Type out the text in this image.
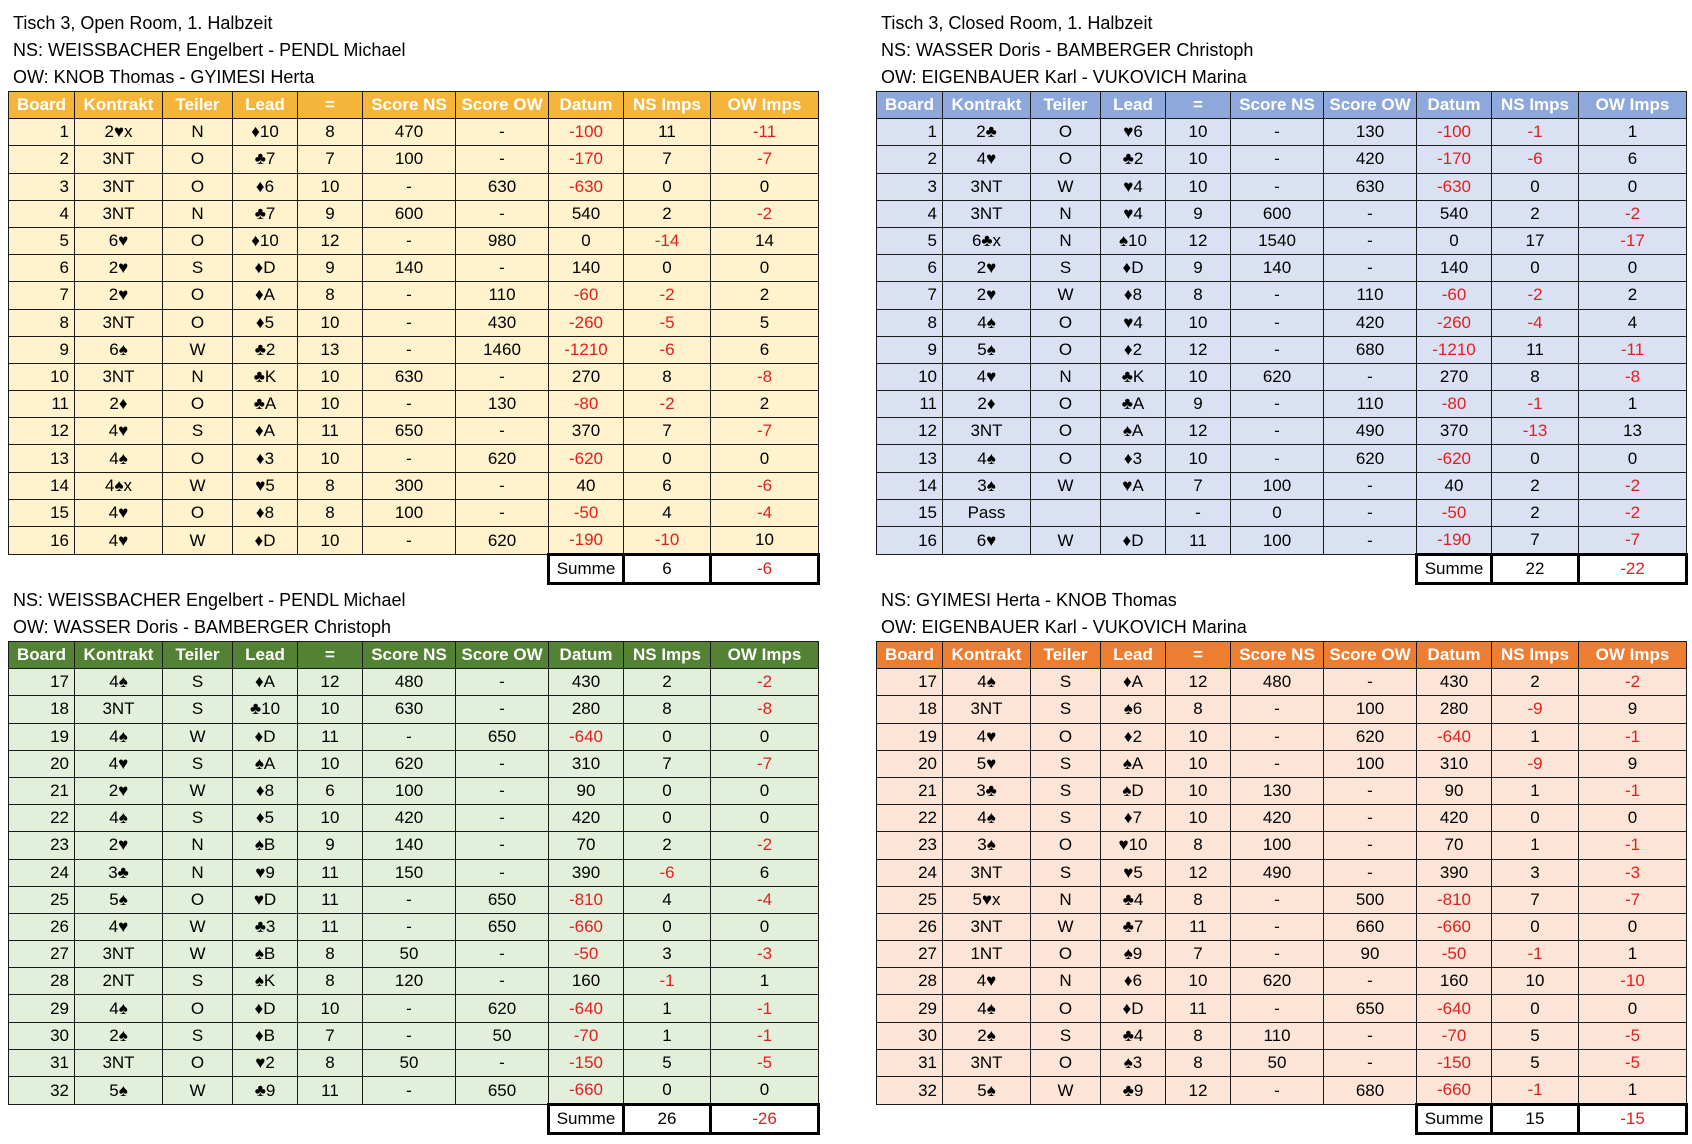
Tisch 3, Open Room, 1. Halbzeit
NS: WEISSBACHER Engelbert - PENDL Michael
OW: KNOB Thomas - GYIMESI Herta
Board	Kontrakt	Teiler	Lead	=	Score NS	Score OW	Datum	NS Imps	OW Imps
1	2♥x	N	♦10	8	470	-	-100	11	-11
2	3NT	O	♣7	7	100	-	-170	7	-7
3	3NT	O	♦6	10	-	630	-630	0	0
4	3NT	N	♣7	9	600	-	540	2	-2
5	6♥	O	♦10	12	-	980	0	-14	14
6	2♥	S	♦D	9	140	-	140	0	0
7	2♥	O	♦A	8	-	110	-60	-2	2
8	3NT	O	♦5	10	-	430	-260	-5	5
9	6♠	W	♣2	13	-	1460	-1210	-6	6
10	3NT	N	♣K	10	630	-	270	8	-8
11	2♦	O	♣A	10	-	130	-80	-2	2
12	4♥	S	♦A	11	650	-	370	7	-7
13	4♠	O	♦3	10	-	620	-620	0	0
14	4♠x	W	♥5	8	300	-	40	6	-6
15	4♥	O	♦8	8	100	-	-50	4	-4
16	4♥	W	♦D	10	-	620	-190	-10	10
							Summe	6	-6
Tisch 3, Closed Room, 1. Halbzeit
NS: WASSER Doris - BAMBERGER Christoph
OW: EIGENBAUER Karl - VUKOVICH Marina
Board	Kontrakt	Teiler	Lead	=	Score NS	Score OW	Datum	NS Imps	OW Imps
1	2♣	O	♥6	10	-	130	-100	-1	1
2	4♥	O	♣2	10	-	420	-170	-6	6
3	3NT	W	♥4	10	-	630	-630	0	0
4	3NT	N	♥4	9	600	-	540	2	-2
5	6♣x	N	♠10	12	1540	-	0	17	-17
6	2♥	S	♦D	9	140	-	140	0	0
7	2♥	W	♦8	8	-	110	-60	-2	2
8	4♠	O	♥4	10	-	420	-260	-4	4
9	5♠	O	♦2	12	-	680	-1210	11	-11
10	4♥	N	♣K	10	620	-	270	8	-8
11	2♦	O	♣A	9	-	110	-80	-1	1
12	3NT	O	♠A	12	-	490	370	-13	13
13	4♠	O	♦3	10	-	620	-620	0	0
14	3♠	W	♥A	7	100	-	40	2	-2
15	Pass			-	0	-	-50	2	-2
16	6♥	W	♦D	11	100	-	-190	7	-7
							Summe	22	-22
NS: WEISSBACHER Engelbert - PENDL Michael
OW: WASSER Doris - BAMBERGER Christoph
Board	Kontrakt	Teiler	Lead	=	Score NS	Score OW	Datum	NS Imps	OW Imps
17	4♠	S	♦A	12	480	-	430	2	-2
18	3NT	S	♣10	10	630	-	280	8	-8
19	4♠	W	♦D	11	-	650	-640	0	0
20	4♥	S	♠A	10	620	-	310	7	-7
21	2♥	W	♦8	6	100	-	90	0	0
22	4♠	S	♦5	10	420	-	420	0	0
23	2♥	N	♠B	9	140	-	70	2	-2
24	3♣	N	♥9	11	150	-	390	-6	6
25	5♠	O	♥D	11	-	650	-810	4	-4
26	4♥	W	♣3	11	-	650	-660	0	0
27	3NT	W	♠B	8	50	-	-50	3	-3
28	2NT	S	♠K	8	120	-	160	-1	1
29	4♠	O	♦D	10	-	620	-640	1	-1
30	2♠	S	♦B	7	-	50	-70	1	-1
31	3NT	O	♥2	8	50	-	-150	5	-5
32	5♠	W	♣9	11	-	650	-660	0	0
							Summe	26	-26
NS: GYIMESI Herta - KNOB Thomas
OW: EIGENBAUER Karl - VUKOVICH Marina
Board	Kontrakt	Teiler	Lead	=	Score NS	Score OW	Datum	NS Imps	OW Imps
17	4♠	S	♦A	12	480	-	430	2	-2
18	3NT	S	♠6	8	-	100	280	-9	9
19	4♥	O	♦2	10	-	620	-640	1	-1
20	5♥	S	♠A	10	-	100	310	-9	9
21	3♣	S	♠D	10	130	-	90	1	-1
22	4♠	S	♦7	10	420	-	420	0	0
23	3♠	O	♥10	8	100	-	70	1	-1
24	3NT	S	♥5	12	490	-	390	3	-3
25	5♥x	N	♣4	8	-	500	-810	7	-7
26	3NT	W	♣7	11	-	660	-660	0	0
27	1NT	O	♠9	7	-	90	-50	-1	1
28	4♥	N	♦6	10	620	-	160	10	-10
29	4♠	O	♦D	11	-	650	-640	0	0
30	2♠	S	♣4	8	110	-	-70	5	-5
31	3NT	O	♠3	8	50	-	-150	5	-5
32	5♠	W	♣9	12	-	680	-660	-1	1
							Summe	15	-15
